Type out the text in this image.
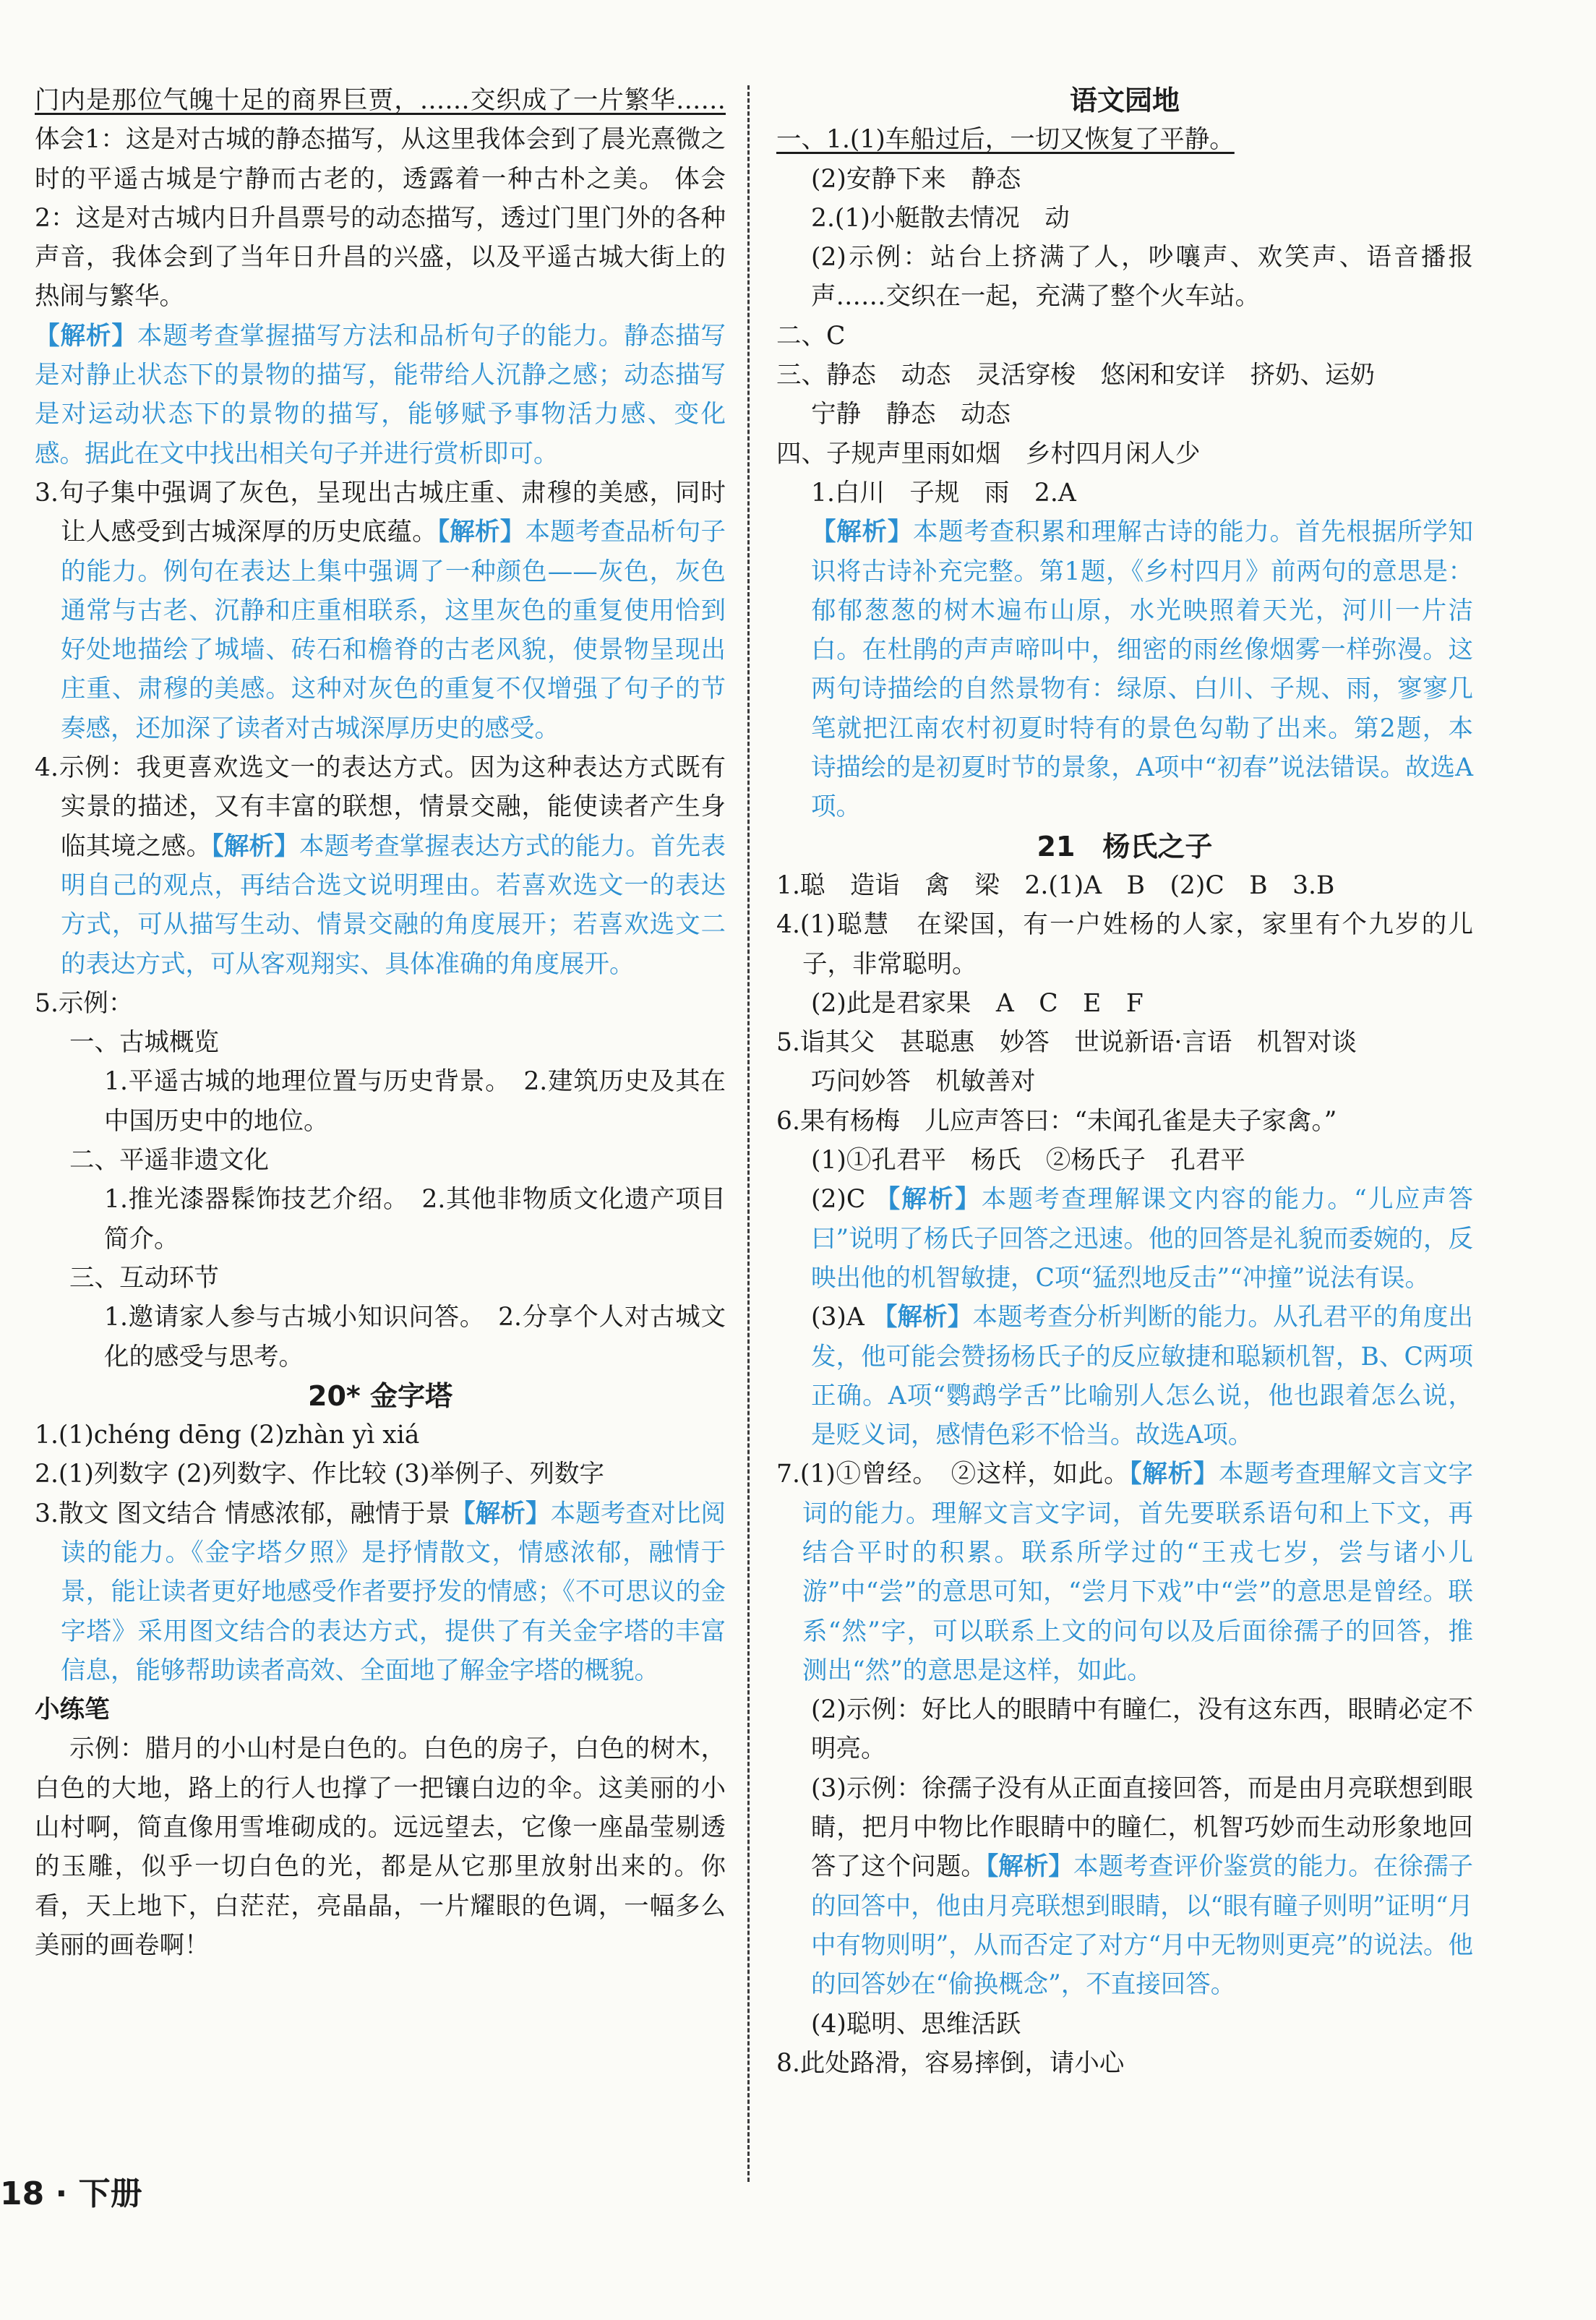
门内是那位气魄十足的商界巨贾，……交织成了一片繁华…… 体会1：这是对古城的静态描写，从这里我体会到了晨光熹微之时的平遥古城是宁静而古老的，透露着一种古朴之美。 体会2：这是对古城内日升昌票号的动态描写，透过门里门外的各种声音，我体会到了当年日升昌的兴盛，以及平遥古城大街上的热闹与繁华。

【解析】本题考查掌握描写方法和品析句子的能力。静态描写是对静止状态下的景物的描写，能带给人沉静之感；动态描写是对运动状态下的景物的描写，能够赋予事物活力感、变化感。据此在文中找出相关句子并进行赏析即可。

3.句子集中强调了灰色，呈现出古城庄重、肃穆的美感，同时让人感受到古城深厚的历史底蕴。【解析】本题考查品析句子的能力。例句在表达上集中强调了一种颜色——灰色，灰色通常与古老、沉静和庄重相联系，这里灰色的重复使用恰到好处地描绘了城墙、砖石和檐脊的古老风貌，使景物呈现出庄重、肃穆的美感。这种对灰色的重复不仅增强了句子的节奏感，还加深了读者对古城深厚历史的感受。

4.示例：我更喜欢选文一的表达方式。因为这种表达方式既有实景的描述，又有丰富的联想，情景交融，能使读者产生身临其境之感。【解析】本题考查掌握表达方式的能力。首先表明自己的观点，再结合选文说明理由。若喜欢选文一的表达方式，可从描写生动、情景交融的角度展开；若喜欢选文二的表达方式，可从客观翔实、具体准确的角度展开。

5.示例：

一、古城概览

1.平遥古城的地理位置与历史背景。　2.建筑历史及其在中国历史中的地位。

二、平遥非遗文化

1.推光漆器髹饰技艺介绍。　2.其他非物质文化遗产项目简介。

三、互动环节

1.邀请家人参与古城小知识问答。　2.分享个人对古城文化的感受与思考。

20* 金字塔

1.(1)chéng dēng (2)zhàn yì xiá

2.(1)列数字 (2)列数字、作比较 (3)举例子、列数字

3.散文 图文结合 情感浓郁，融情于景【解析】本题考查对比阅读的能力。《金字塔夕照》是抒情散文，情感浓郁，融情于景，能让读者更好地感受作者要抒发的情感；《不可思议的金字塔》采用图文结合的表达方式，提供了有关金字塔的丰富信息，能够帮助读者高效、全面地了解金字塔的概貌。

小练笔

示例：腊月的小山村是白色的。白色的房子，白色的树木，白色的大地，路上的行人也撑了一把镶白边的伞。这美丽的小山村啊，简直像用雪堆砌成的。远远望去，它像一座晶莹剔透的玉雕，似乎一切白色的光，都是从它那里放射出来的。你看，天上地下，白茫茫，亮晶晶，一片耀眼的色调，一幅多么美丽的画卷啊！

语文园地

一、1.(1)车船过后，一切又恢复了平静。

(2)安静下来　静态

2.(1)小艇散去情况　动

(2)示例：站台上挤满了人，吵嚷声、欢笑声、语音播报声……交织在一起，充满了整个火车站。

二、C

三、静态　动态　灵活穿梭　悠闲和安详　挤奶、运奶

宁静　静态　动态

四、子规声里雨如烟　乡村四月闲人少

1.白川　子规　雨　2.A

【解析】本题考查积累和理解古诗的能力。首先根据所学知识将古诗补充完整。第1题，《乡村四月》前两句的意思是：郁郁葱葱的树木遍布山原，水光映照着天光，河川一片洁白。在杜鹃的声声啼叫中，细密的雨丝像烟雾一样弥漫。这两句诗描绘的自然景物有：绿原、白川、子规、雨，寥寥几笔就把江南农村初夏时特有的景色勾勒了出来。第2题，本诗描绘的是初夏时节的景象，A项中“初春”说法错误。故选A项。

21　杨氏之子

1.聪　造诣　禽　梁　2.(1)A　B　(2)C　B　3.B

4.(1)聪慧　在梁国，有一户姓杨的人家，家里有个九岁的儿子，非常聪明。

(2)此是君家果　A　C　E　F

5.诣其父　甚聪惠　妙答　世说新语·言语　机智对谈

巧问妙答　机敏善对

6.果有杨梅　儿应声答曰：“未闻孔雀是夫子家禽。”

(1)①孔君平　杨氏　②杨氏子　孔君平

(2)C 【解析】本题考查理解课文内容的能力。“儿应声答曰”说明了杨氏子回答之迅速。他的回答是礼貌而委婉的，反映出他的机智敏捷，C项“猛烈地反击”“冲撞”说法有误。

(3)A 【解析】本题考查分析判断的能力。从孔君平的角度出发，他可能会赞扬杨氏子的反应敏捷和聪颖机智，B、C两项正确。A项“鹦鹉学舌”比喻别人怎么说，他也跟着怎么说，是贬义词，感情色彩不恰当。故选A项。

7.(1)①曾经。　②这样，如此。【解析】本题考查理解文言文字词的能力。理解文言文字词，首先要联系语句和上下文，再结合平时的积累。联系所学过的“王戎七岁，尝与诸小儿游”中“尝”的意思可知，“尝月下戏”中“尝”的意思是曾经。联系“然”字，可以联系上文的问句以及后面徐孺子的回答，推测出“然”的意思是这样，如此。

(2)示例：好比人的眼睛中有瞳仁，没有这东西，眼睛必定不明亮。

(3)示例：徐孺子没有从正面直接回答，而是由月亮联想到眼睛，把月中物比作眼睛中的瞳仁，机智巧妙而生动形象地回答了这个问题。【解析】本题考查评价鉴赏的能力。在徐孺子的回答中，他由月亮联想到眼睛，以“眼有瞳子则明”证明“月中有物则明”，从而否定了对方“月中无物则更亮”的说法。他的回答妙在“偷换概念”，不直接回答。

(4)聪明、思维活跃

8.此处路滑，容易摔倒，请小心

18 · 下册
